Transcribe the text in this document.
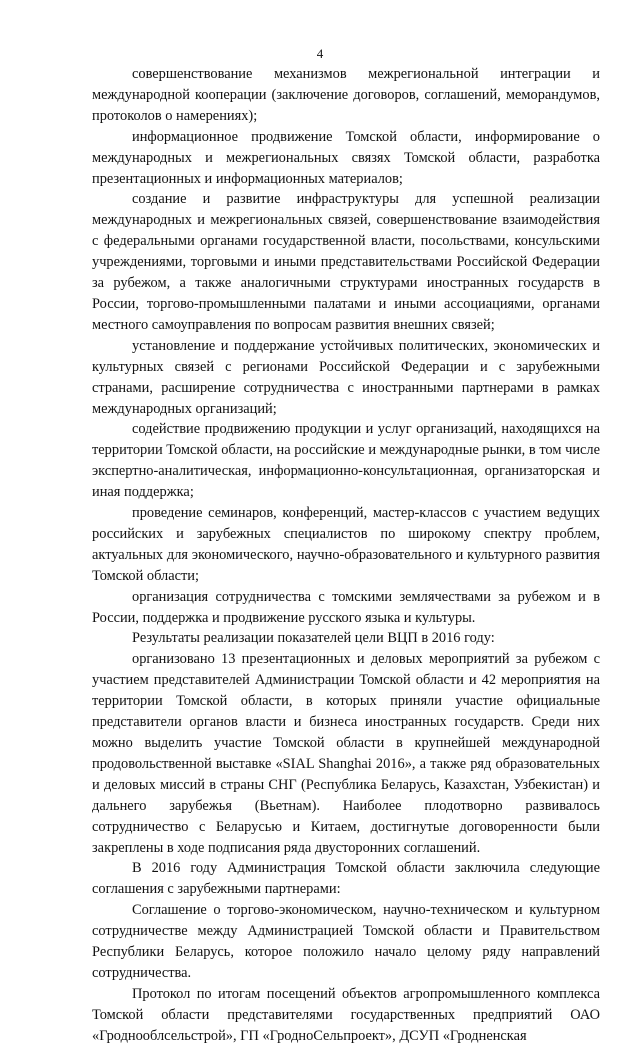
4

совершенствование механизмов межрегиональной интеграции и международной кооперации (заключение договоров, соглашений, меморандумов, протоколов о намерениях);

информационное продвижение Томской области, информирование о международных и межрегиональных связях Томской области, разработка презентационных и информационных материалов;

создание и развитие инфраструктуры для успешной реализации международных и межрегиональных связей, совершенствование взаимодействия с федеральными органами государственной власти, посольствами, консульскими учреждениями, торговыми и иными представительствами Российской Федерации за рубежом, а также аналогичными структурами иностранных государств в России, торгово-промышленными палатами и иными ассоциациями, органами местного самоуправления по вопросам развития внешних связей;

установление и поддержание устойчивых политических, экономических и культурных связей с регионами Российской Федерации и с зарубежными странами, расширение сотрудничества с иностранными партнерами в рамках международных организаций;

содействие продвижению продукции и услуг организаций, находящихся на территории Томской области, на российские и международные рынки, в том числе экспертно-аналитическая, информационно-консультационная, организаторская и иная поддержка;

проведение семинаров, конференций, мастер-классов с участием ведущих российских и зарубежных специалистов по широкому спектру проблем, актуальных для экономического, научно-образовательного и культурного развития Томской области;

организация сотрудничества с томскими землячествами за рубежом и в России, поддержка и продвижение русского языка и культуры.

Результаты реализации показателей цели ВЦП в 2016 году:

организовано 13 презентационных и деловых мероприятий за рубежом с участием представителей Администрации Томской области и 42 мероприятия на территории Томской области, в которых приняли участие официальные представители органов власти и бизнеса иностранных государств. Среди них можно выделить участие Томской области в крупнейшей международной продовольственной выставке «SIAL Shanghai 2016», а также ряд образовательных и деловых миссий в страны СНГ (Республика Беларусь, Казахстан, Узбекистан) и дальнего зарубежья (Вьетнам). Наиболее плодотворно развивалось сотрудничество с Беларусью и Китаем, достигнутые договоренности были закреплены в ходе подписания ряда двусторонних соглашений.

В 2016 году Администрация Томской области заключила следующие соглашения с зарубежными партнерами:

Соглашение о торгово-экономическом, научно-техническом и культурном сотрудничестве между Администрацией Томской области и Правительством Республики Беларусь, которое положило начало целому ряду направлений сотрудничества.

Протокол по итогам посещений объектов агропромышленного комплекса Томской области представителями государственных предприятий ОАО «Гроднооблсельстрой», ГП «ГродноСельпроект», ДСУП «Гродненская
